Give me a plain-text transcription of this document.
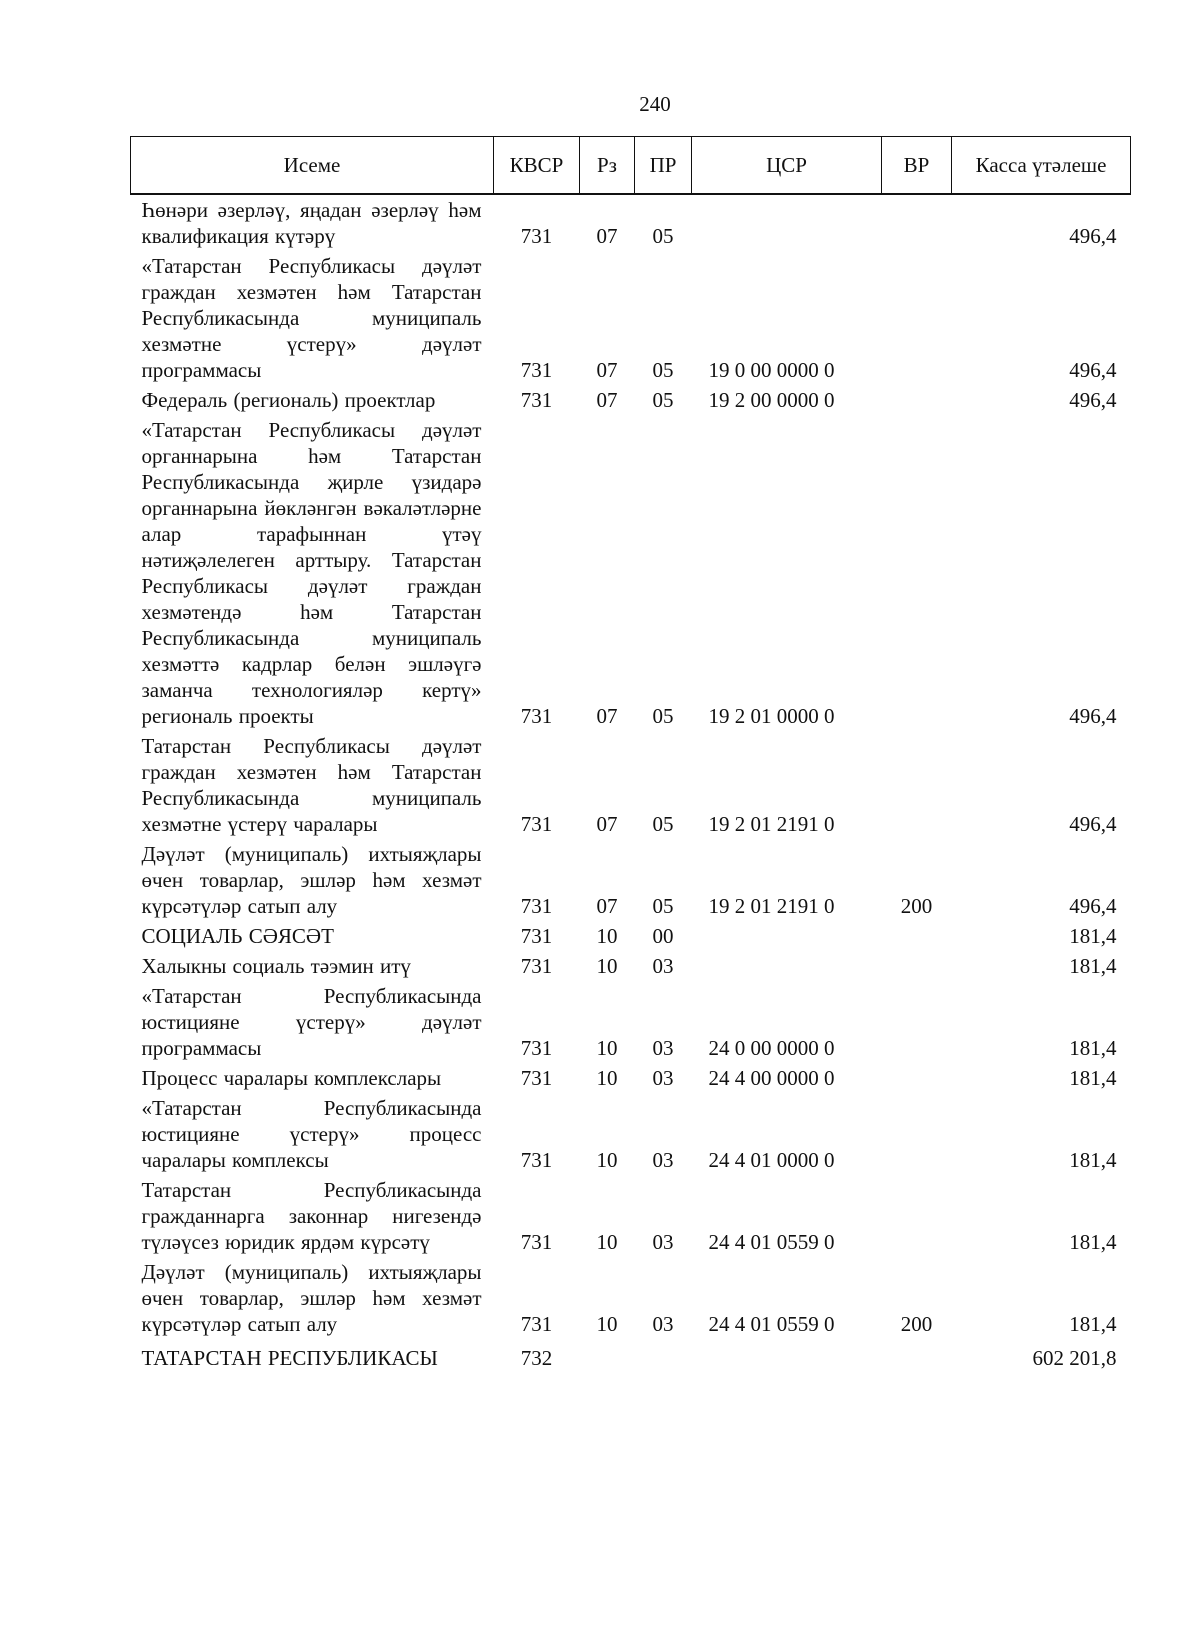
240
Исеме	КВСР	Рз	ПР	ЦСР	ВР	Касса үтәлеше
Һөнәри әзерләү, яңадан әзерләү һәм квалификация күтәрү	731	07	05			496,4
«Татарстан Республикасы дәүләт граждан хезмәтен һәм Татарстан Республикасында муниципаль хезмәтне үстерү» дәүләт программасы	731	07	05	19 0 00 0000 0		496,4
Федераль (региональ) проектлар	731	07	05	19 2 00 0000 0		496,4
«Татарстан Республикасы дәүләт органнарына һәм Татарстан Республикасында җирле үзидарә органнарына йөкләнгән вәкаләтләрне алар тарафыннан үтәү нәтиҗәлелеген арттыру. Татарстан Республикасы дәүләт граждан хезмәтендә һәм Татарстан Республикасында муниципаль хезмәттә кадрлар белән эшләүгә заманча технологияләр кертү» региональ проекты	731	07	05	19 2 01 0000 0		496,4
Татарстан Республикасы дәүләт граждан хезмәтен һәм Татарстан Республикасында муниципаль хезмәтне үстерү чаралары	731	07	05	19 2 01 2191 0		496,4
Дәүләт (муниципаль) ихтыяҗлары өчен товарлар, эшләр һәм хезмәт күрсәтүләр сатып алу	731	07	05	19 2 01 2191 0	200	496,4
СОЦИАЛЬ СӘЯСӘТ	731	10	00			181,4
Халыкны социаль тәэмин итү	731	10	03			181,4
«Татарстан Республикасында юстицияне үстерү» дәүләт программасы	731	10	03	24 0 00 0000 0		181,4
Процесс чаралары комплекслары	731	10	03	24 4 00 0000 0		181,4
«Татарстан Республикасында юстицияне үстерү» процесс чаралары комплексы	731	10	03	24 4 01 0000 0		181,4
Татарстан Республикасында гражданнарга законнар нигезендә түләүсез юридик ярдәм күрсәтү	731	10	03	24 4 01 0559 0		181,4
Дәүләт (муниципаль) ихтыяҗлары өчен товарлар, эшләр һәм хезмәт күрсәтүләр сатып алу	731	10	03	24 4 01 0559 0	200	181,4
ТАТАРСТАН РЕСПУБЛИКАСЫ	732					602 201,8
